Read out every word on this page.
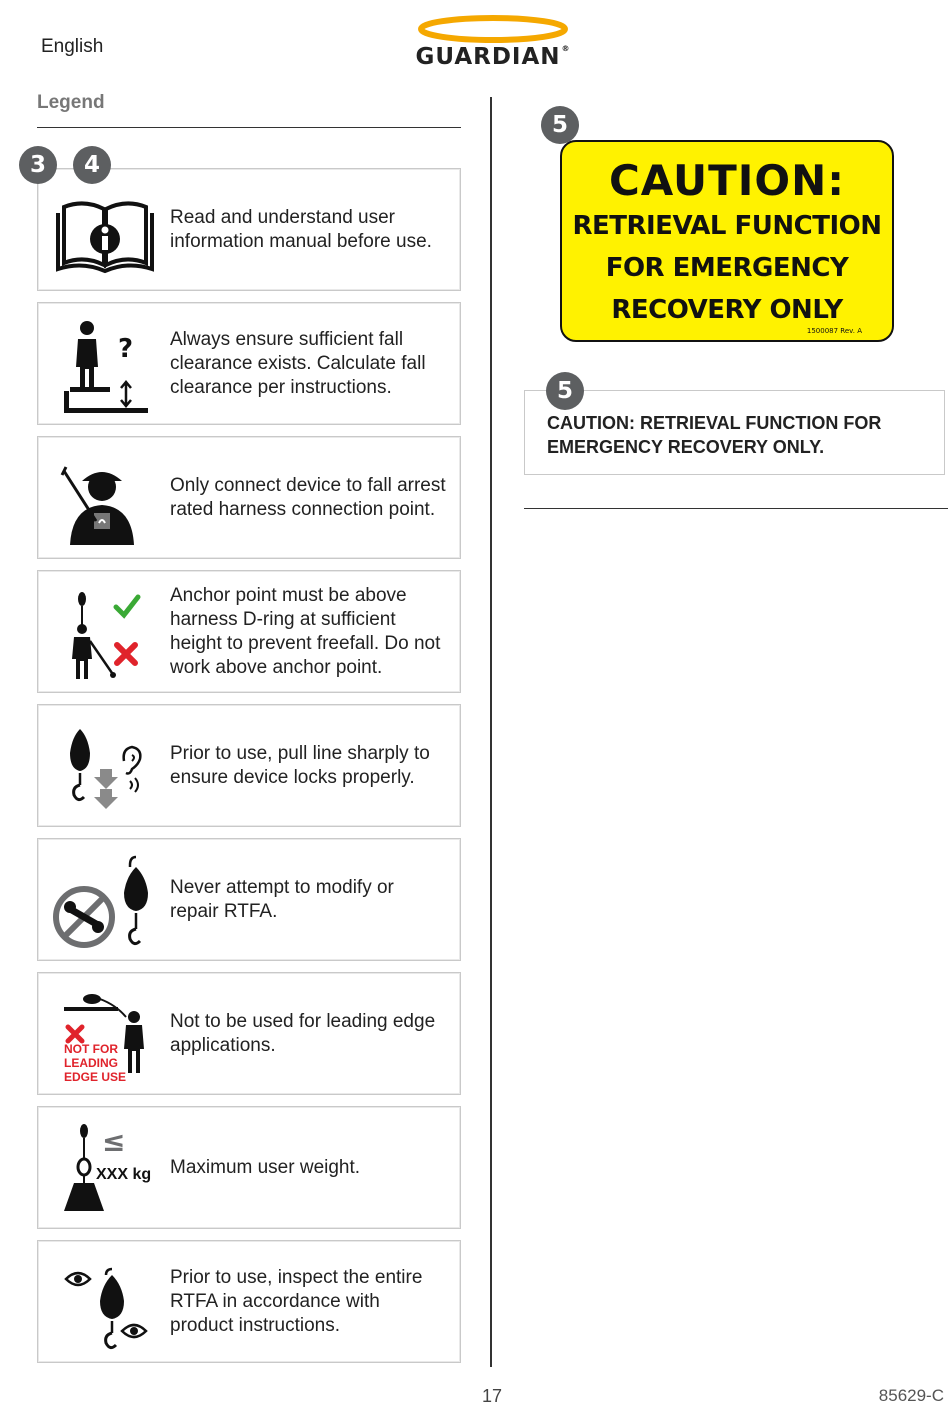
English	GUARDIAN®
Legend
Read and understand user information manual before use.
? Always ensure sufficient fall clearance exists. Calculate fall clearance per instructions.
Only connect device to fall arrest rated harness connection point.
Anchor point must be above harness D-ring at sufficient height to prevent freefall. Do not work above anchor point.
Prior to use, pull line sharply to ensure device locks properly.
Never attempt to modify or repair RTFA.
NOT FOR
LEADING
EDGE USE
Not to be used for leading edge applications.
≤
XXX kg Maximum user weight.
Prior to use, inspect the entire RTFA in accordance with product instructions.
3	4	CAUTION:
RETRIEVAL FUNCTION
FOR EMERGENCY
RECOVERY ONLY
1500087 Rev. A
5
CAUTION: RETRIEVAL FUNCTION FOR EMERGENCY RECOVERY ONLY.
5
17	85629-C
